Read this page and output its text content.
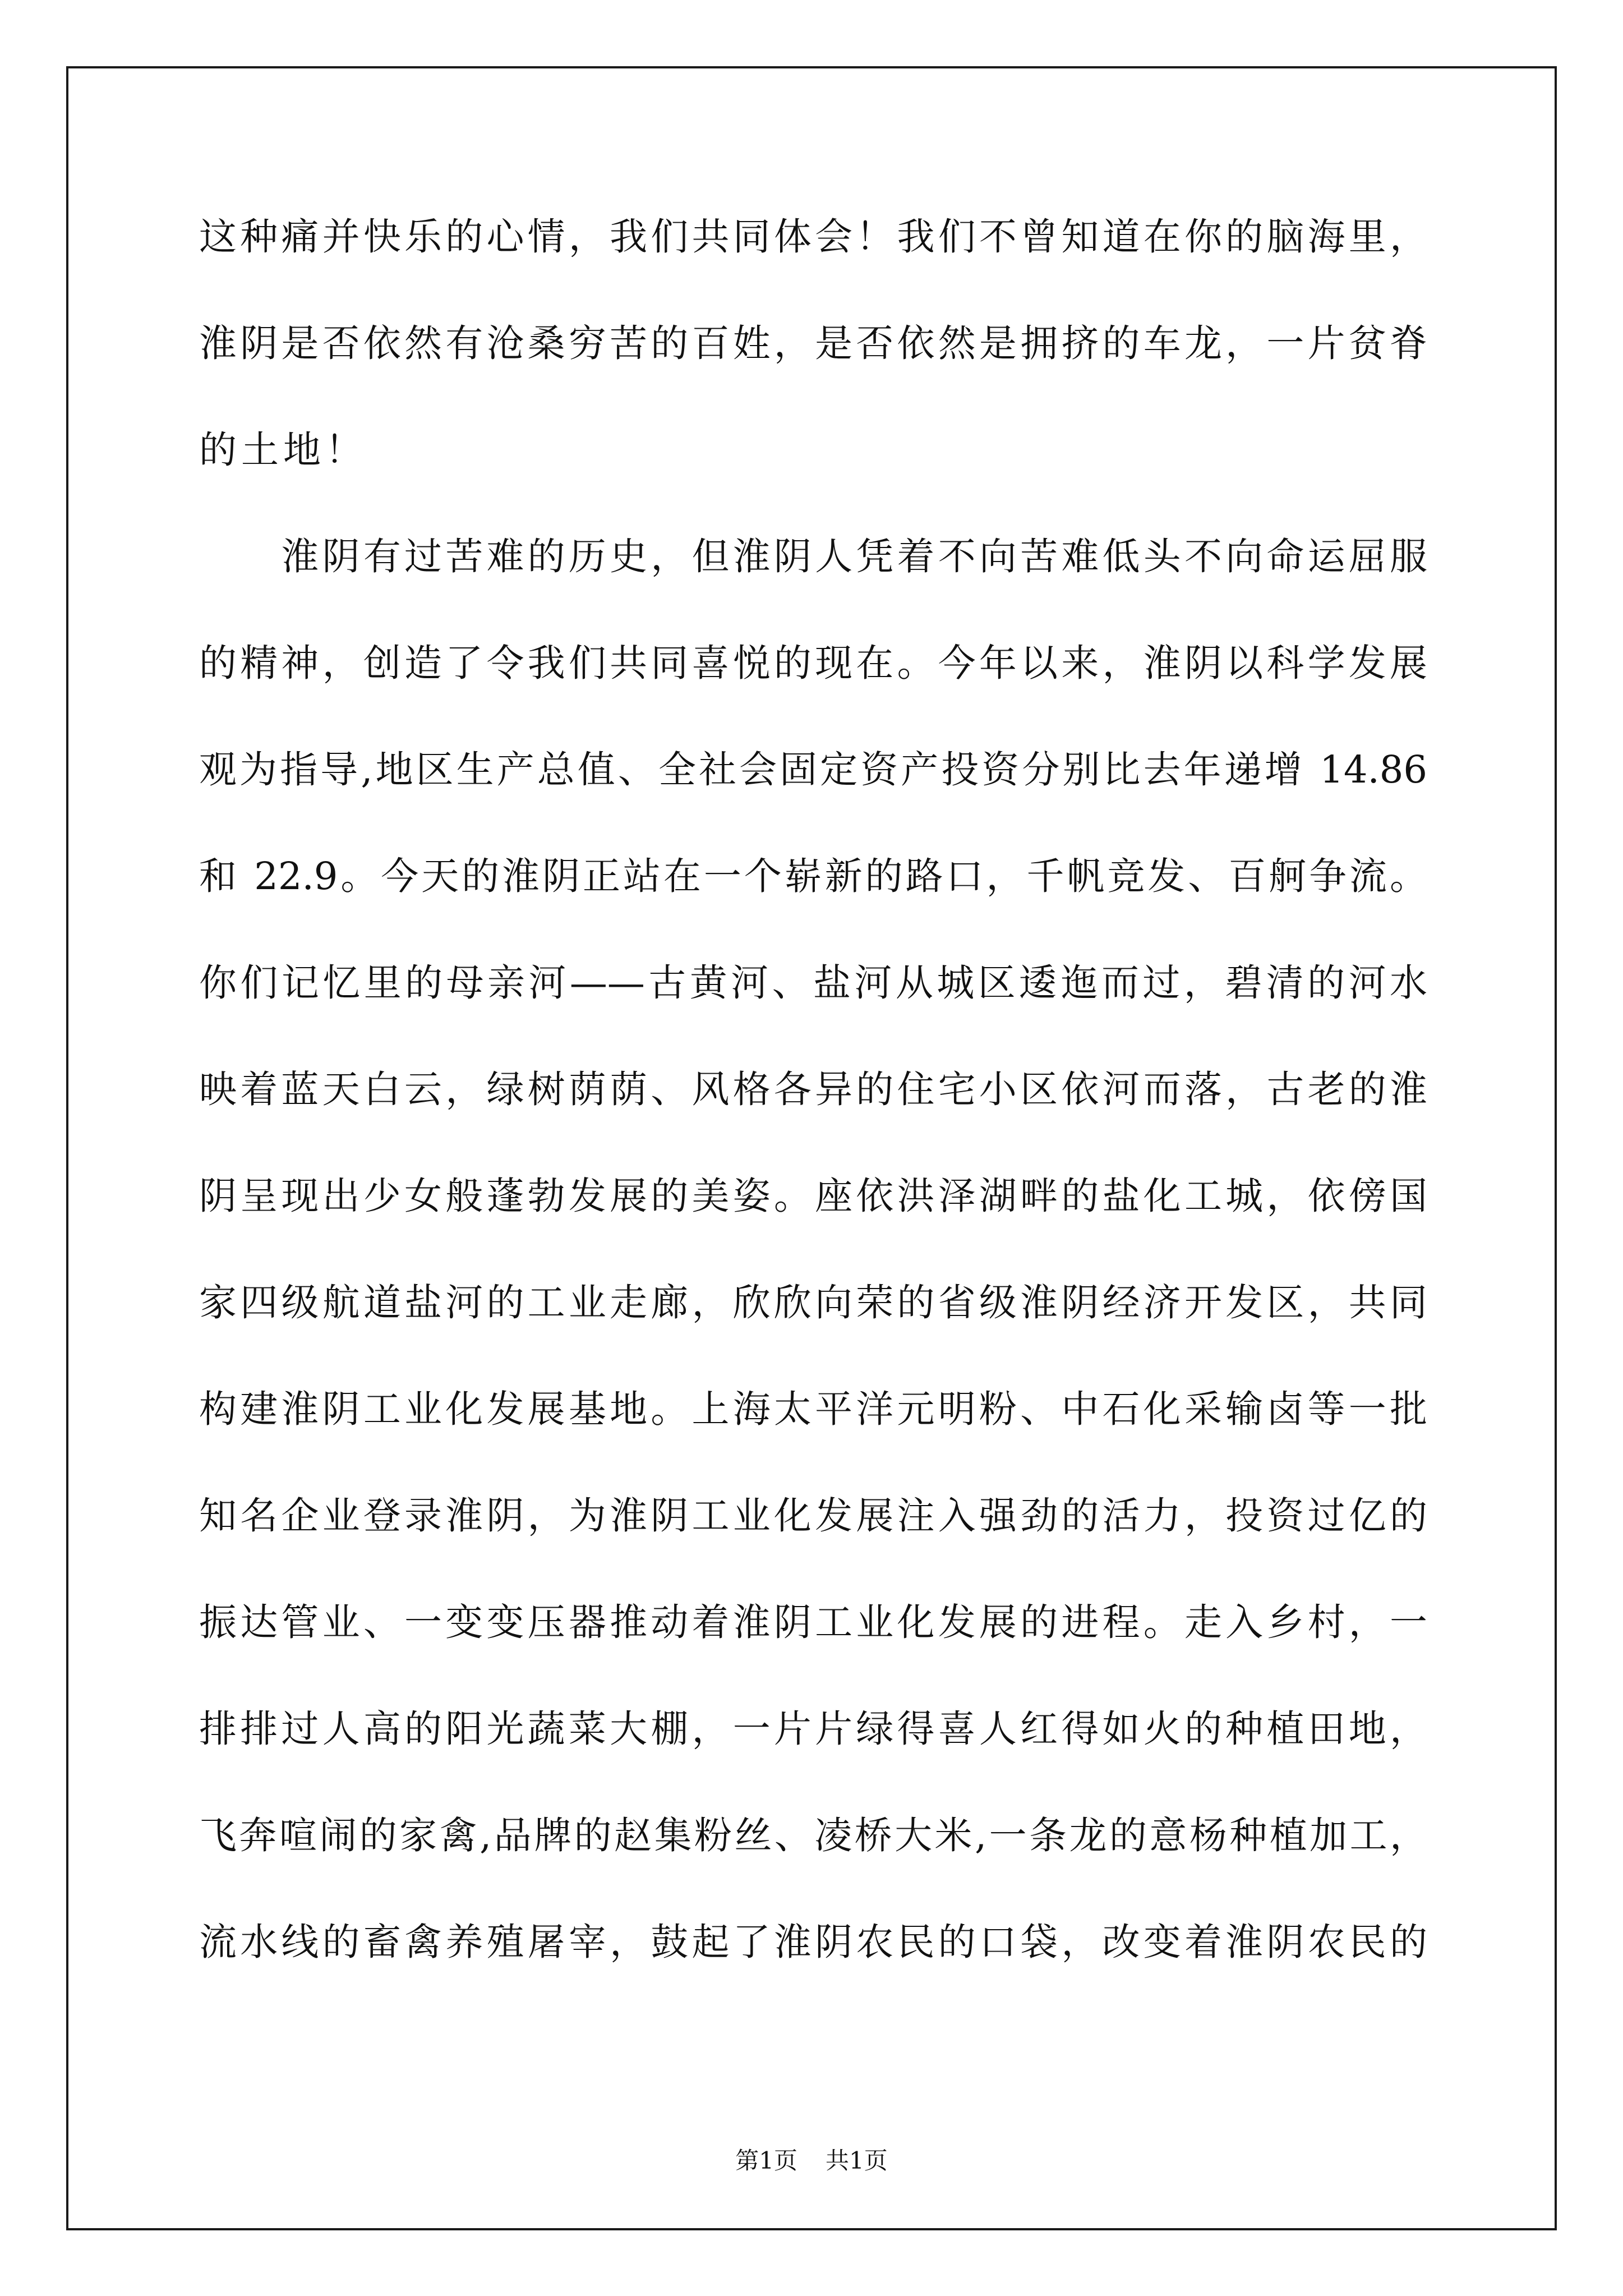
这种痛并快乐的心情，我们共同体会！我们不曾知道在你的脑海里，
淮阴是否依然有沧桑穷苦的百姓，是否依然是拥挤的车龙，一片贫脊
的土地！
　　淮阴有过苦难的历史，但淮阴人凭着不向苦难低头不向命运屈服
的精神，创造了令我们共同喜悦的现在。今年以来，淮阴以科学发展
观为指导,地区生产总值、全社会固定资产投资分别比去年递增 14.86
和 22.9。今天的淮阴正站在一个崭新的路口，千帆竞发、百舸争流。
你们记忆里的母亲河——古黄河、盐河从城区逶迤而过，碧清的河水
映着蓝天白云，绿树荫荫、风格各异的住宅小区依河而落，古老的淮
阴呈现出少女般蓬勃发展的美姿。座依洪泽湖畔的盐化工城，依傍国
家四级航道盐河的工业走廊，欣欣向荣的省级淮阴经济开发区，共同
构建淮阴工业化发展基地。上海太平洋元明粉、中石化采输卤等一批
知名企业登录淮阴，为淮阴工业化发展注入强劲的活力，投资过亿的
振达管业、一变变压器推动着淮阴工业化发展的进程。走入乡村，一
排排过人高的阳光蔬菜大棚，一片片绿得喜人红得如火的种植田地，
飞奔喧闹的家禽,品牌的赵集粉丝、凌桥大米,一条龙的意杨种植加工，
流水线的畜禽养殖屠宰，鼓起了淮阴农民的口袋，改变着淮阴农民的
第1页 共1页
